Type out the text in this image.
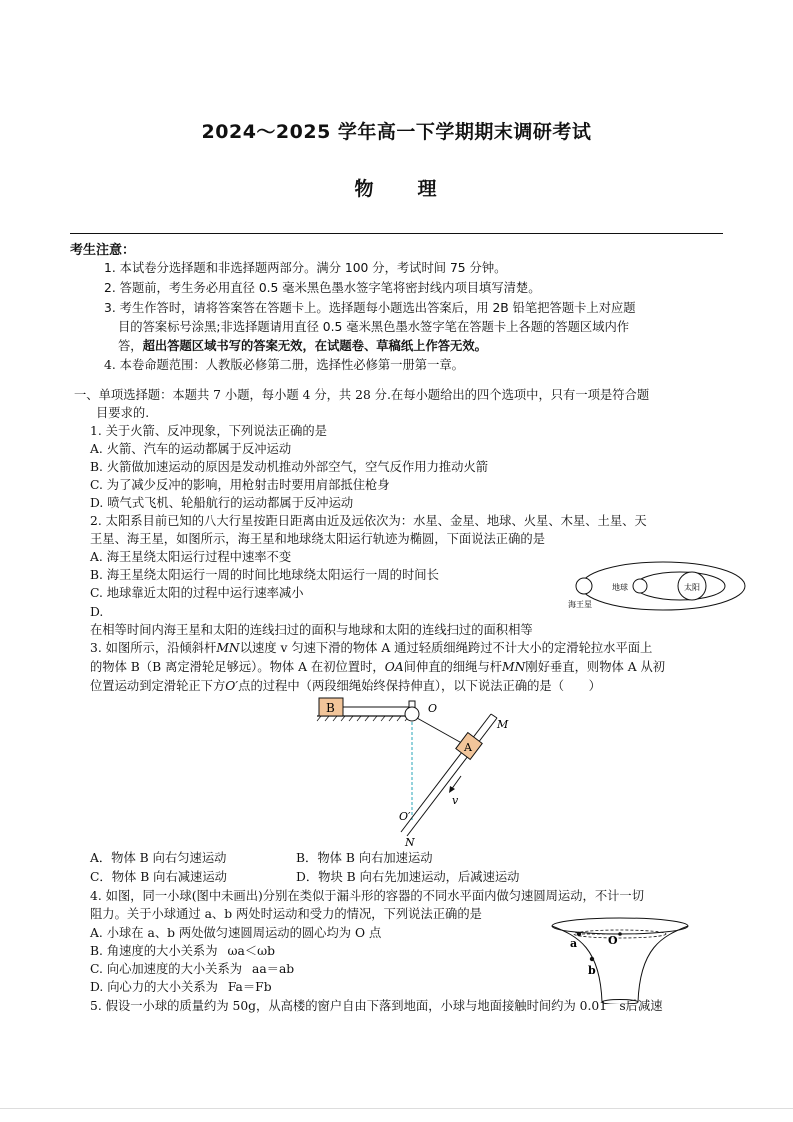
2024～2025 学年高一下学期期末调研考试
物　　理
考生注意：
1. 本试卷分选择题和非选择题两部分。满分 100 分，考试时间 75 分钟。
2. 答题前，考生务必用直径 0.5 毫米黑色墨水签字笔将密封线内项目填写清楚。
3. 考生作答时，请将答案答在答题卡上。选择题每小题选出答案后，用 2B 铅笔把答题卡上对应题
目的答案标号涂黑;非选择题请用直径 0.5 毫米黑色墨水签字笔在答题卡上各题的答题区域内作
答，超出答题区域书写的答案无效，在试题卷、草稿纸上作答无效。
4. 本卷命题范围：人教版必修第二册，选择性必修第一册第一章。
一、单项选择题：本题共 7 小题，每小题 4 分，共 28 分.在每小题给出的四个选项中，只有一项是符合题
目要求的.
1. 关于火箭、反冲现象，下列说法正确的是
A. 火箭、汽车的运动都属于反冲运动
B. 火箭做加速运动的原因是发动机推动外部空气，空气反作用力推动火箭
C. 为了减少反冲的影响，用枪射击时要用肩部抵住枪身
D. 喷气式飞机、轮船航行的运动都属于反冲运动
2. 太阳系目前已知的八大行星按距日距离由近及远依次为：水星、金星、地球、火星、木星、土星、天
王星、海王星，如图所示，海王星和地球绕太阳运行轨迹为椭圆，下面说法正确的是
A. 海王星绕太阳运行过程中速率不变
B. 海王星绕太阳运行一周的时间比地球绕太阳运行一周的时间长
C. 地球靠近太阳的过程中运行速率减小
D.
在相等时间内海王星和太阳的连线扫过的面积与地球和太阳的连线扫过的面积相等
海王星
地球	太阳
3. 如图所示，沿倾斜杆MN以速度 v 匀速下滑的物体 A 通过轻质细绳跨过不计大小的定滑轮拉水平面上
的物体 B（B 离定滑轮足够远）。物体 A 在初位置时，OA间伸直的细绳与杆MN刚好垂直，则物体 A 从初
位置运动到定滑轮正下方O′点的过程中（两段细绳始终保持伸直），以下说法正确的是（　　）
B	O
O′
M
N
A
v
A．物体 B 向右匀速运动	B．物体 B 向右加速运动
C．物体 B 向右减速运动	D．物块 B 向右先加速运动，后减速运动
4. 如图，同一小球(图中未画出)分别在类似于漏斗形的容器的不同水平面内做匀速圆周运动，不计一切
阻力。关于小球通过 a、b 两处时运动和受力的情况，下列说法正确的是
A. 小球在 a、b 两处做匀速圆周运动的圆心均为 O 点
B. 角速度的大小关系为 ωa＜ωb
C. 向心加速度的大小关系为 aa＝ab
D. 向心力的大小关系为 Fa＝Fb
O
a
b
5. 假设一小球的质量约为 50g，从高楼的窗户自由下落到地面，小球与地面接触时间约为 0.01　s后减速
